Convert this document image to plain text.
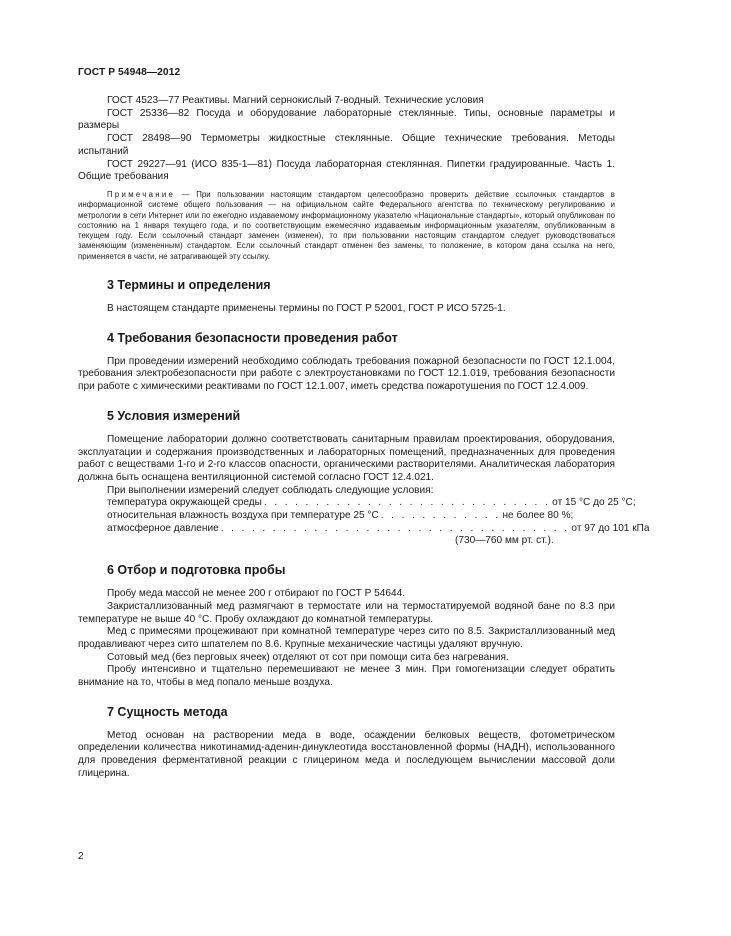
ГОСТ Р 54948—2012

ГОСТ 4523—77 Реактивы. Магний сернокислый 7-водный. Технические условия

ГОСТ 25336—82 Посуда и оборудование лабораторные стеклянные. Типы, основные параметры и размеры

ГОСТ 28498—90 Термометры жидкостные стеклянные. Общие технические требования. Методы испытаний

ГОСТ 29227—91 (ИСО 835-1—81) Посуда лабораторная стеклянная. Пипетки градуированные. Часть 1. Общие требования

Примечание — При пользовании настоящим стандартом целесообразно проверить действие ссылочных стандартов в информационной системе общего пользования — на официальном сайте Федерального агентства по техническому регулированию и метрологии в сети Интернет или по ежегодно издаваемому информационному указателю «Национальные стандарты», который опубликован по состоянию на 1 января текущего года, и по соответствующим ежемесячно издаваемым информационным указателям, опубликованным в текущем году. Если ссылочный стандарт заменен (изменен), то при пользовании настоящим стандартом следует руководствоваться заменяющим (измененным) стандартом. Если ссылочный стандарт отменен без замены, то положение, в котором дана ссылка на него, применяется в части, не затрагивающей эту ссылку.

3 Термины и определения

В настоящем стандарте применены термины по ГОСТ Р 52001, ГОСТ Р ИСО 5725-1.

4 Требования безопасности проведения работ

При проведении измерений необходимо соблюдать требования пожарной безопасности по ГОСТ 12.1.004, требования электробезопасности при работе с электроустановками по ГОСТ 12.1.019, требования безопасности при работе с химическими реактивами по ГОСТ 12.1.007, иметь средства пожаротушения по ГОСТ 12.4.009.

5 Условия измерений

Помещение лаборатории должно соответствовать санитарным правилам проектирования, оборудования, эксплуатации и содержания производственных и лабораторных помещений, предназначенных для проведения работ с веществами 1-го и 2-го классов опасности, органическими растворителями. Аналитическая лаборатория должна быть оснащена вентиляционной системой согласно ГОСТ 12.4.021.

При выполнении измерений следует соблюдать следующие условия:

температура окружающей среды . . . . . . . . . . . . . . . . . . . . . . . . . . . . от 15 °С до 25 °С;
относительная влажность воздуха при температуре 25 °С . . . . . . . . . . . . не более 80 %;
атмосферное давление . . . . . . . . . . . . . . . . . . . . . . . . . . . . . . . . . . от 97 до 101 кПа
(730—760 мм рт. ст.).
6 Отбор и подготовка пробы

Пробу меда массой не менее 200 г отбирают по ГОСТ Р 54644.

Закристаллизованный мед размягчают в термостате или на термостатируемой водяной бане по 8.3 при температуре не выше 40 °С. Пробу охлаждают до комнатной температуры.

Мед с примесями процеживают при комнатной температуре через сито по 8.5. Закристаллизованный мед продавливают через сито шпателем по 8.6. Крупные механические частицы удаляют вручную.

Сотовый мед (без перговых ячеек) отделяют от сот при помощи сита без нагревания.

Пробу интенсивно и тщательно перемешивают не менее 3 мин. При гомогенизации следует обратить внимание на то, чтобы в мед попало меньше воздуха.

7 Сущность метода

Метод основан на растворении меда в воде, осаждении белковых веществ, фотометрическом определении количества никотинамид-аденин-динуклеотида восстановленной формы (НАДН), использованного для проведения ферментативной реакции с глицерином меда и последующем вычислении массовой доли глицерина.

2
